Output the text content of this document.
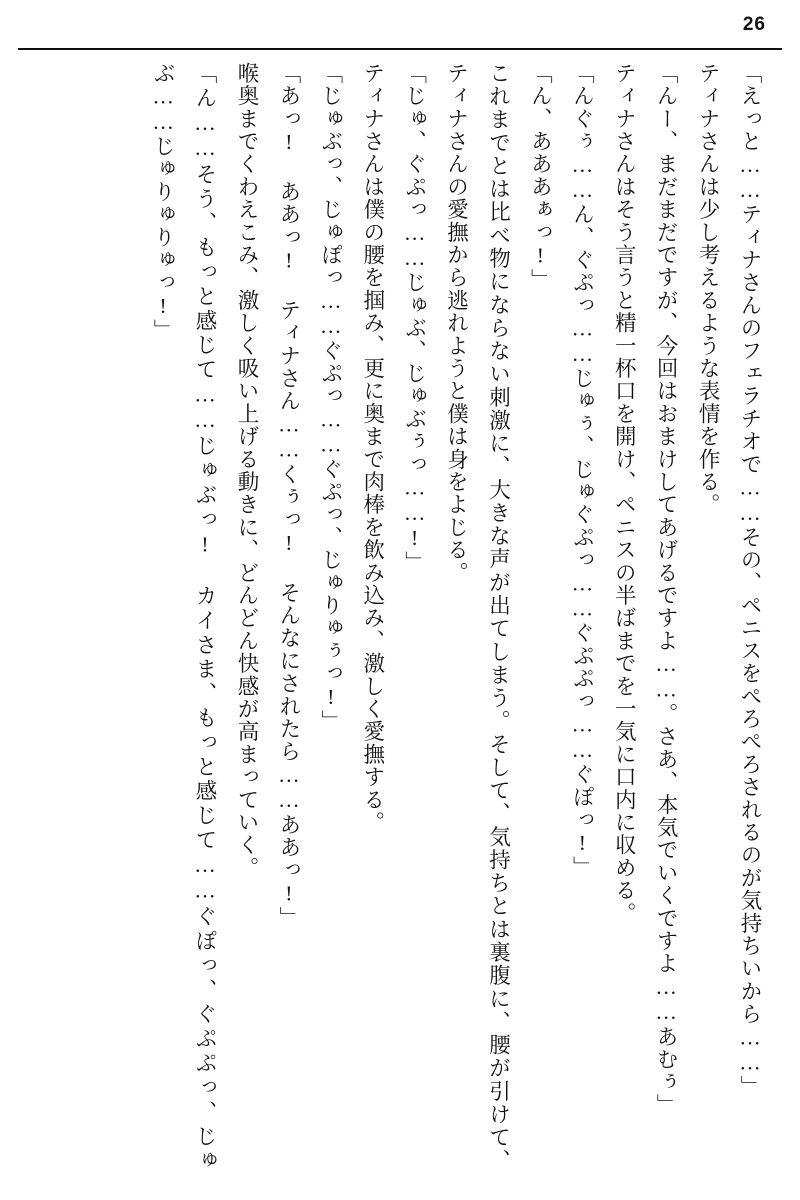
26

「えっと……ティナさんのフェラチオで……その、ペニスをぺろぺろされるのが気持ちいから……」

ティナさんは少し考えるような表情を作る。

「んー、まだまだですが、今回はおまけしてあげるですよ……。さあ、本気でいくですよ……あむぅ」

ティナさんはそう言うと精一杯口を開け、ペニスの半ばまでを一気に口内に収める。

「んぐぅ……ん、ぐぷっ……じゅぅ、じゅぐぷっ……ぐぷぷっ……ぐぽっ!」

「ん、あああぁっ!」

これまでとは比べ物にならない刺激に、大きな声が出てしまう。そして、気持ちとは裏腹に、腰が引けて、ティナさんの愛撫から逃れようと僕は身をよじる。

「じゅ、ぐぷっ……じゅぶ、じゅぶぅっ……!」

ティナさんは僕の腰を掴み、更に奥まで肉棒を飲み込み、激しく愛撫する。

「じゅぶっ、じゅぽっ……ぐぷっ……ぐぷっ、じゅりゅぅっ!」

「あっ! ああっ! ティナさん……くぅっ! そんなにされたら……ああっ!」

喉奥までくわえこみ、激しく吸い上げる動きに、どんどん快感が高まっていく。

「ん……そう、もっと感じて……じゅぶっ! カイさま、もっと感じて……ぐぽっ、ぐぷぷっ、じゅぶ……じゅりゅりゅっ!」
